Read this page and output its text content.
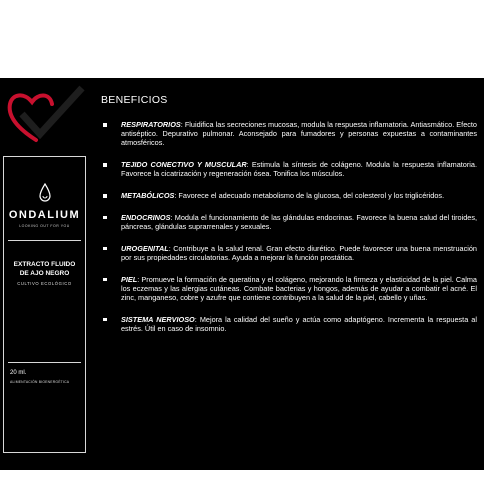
ONDALIUM
LOOKING OUT FOR YOU
EXTRACTO FLUIDO
DE AJO NEGRO
CULTIVO ECOLÓGICO
20 ml.
ALIMENTACIÓN BIOENERGÉTICA
BENEFICIOS
RESPIRATORIOS: Fluidifica las secreciones mucosas, modula la respuesta inflamatoria. Antiasmático. Efecto antiséptico. Depurativo pulmonar. Aconsejado para fumadores y personas expuestas a contaminantes atmosféricos.
TEJIDO CONECTIVO Y MUSCULAR: Estimula la síntesis de colágeno. Modula la respuesta inflamatoria. Favorece la cicatrización y regeneración ósea. Tonifica los músculos.
METABÓLICOS: Favorece el adecuado metabolismo de la glucosa, del colesterol y los triglicéridos.
ENDOCRINOS: Modula el funcionamiento de las glándulas endocrinas. Favorece la buena salud del tiroides, páncreas, glándulas suprarrenales y sexuales.
UROGENITAL: Contribuye a la salud renal. Gran efecto diurético. Puede favorecer una buena menstruación por sus propiedades circulatorias. Ayuda a mejorar la función prostática.
PIEL: Promueve la formación de queratina y el colágeno, mejorando la firmeza y elasticidad de la piel. Calma los eczemas y las alergias cutáneas. Combate bacterias y hongos, además de ayudar a combatir el acné. El zinc, manganeso, cobre y azufre que contiene contribuyen a la salud de la piel, cabello y uñas.
SISTEMA NERVIOSO: Mejora la calidad del sueño y actúa como adaptógeno. Incrementa la respuesta al estrés. Útil en caso de insomnio.
